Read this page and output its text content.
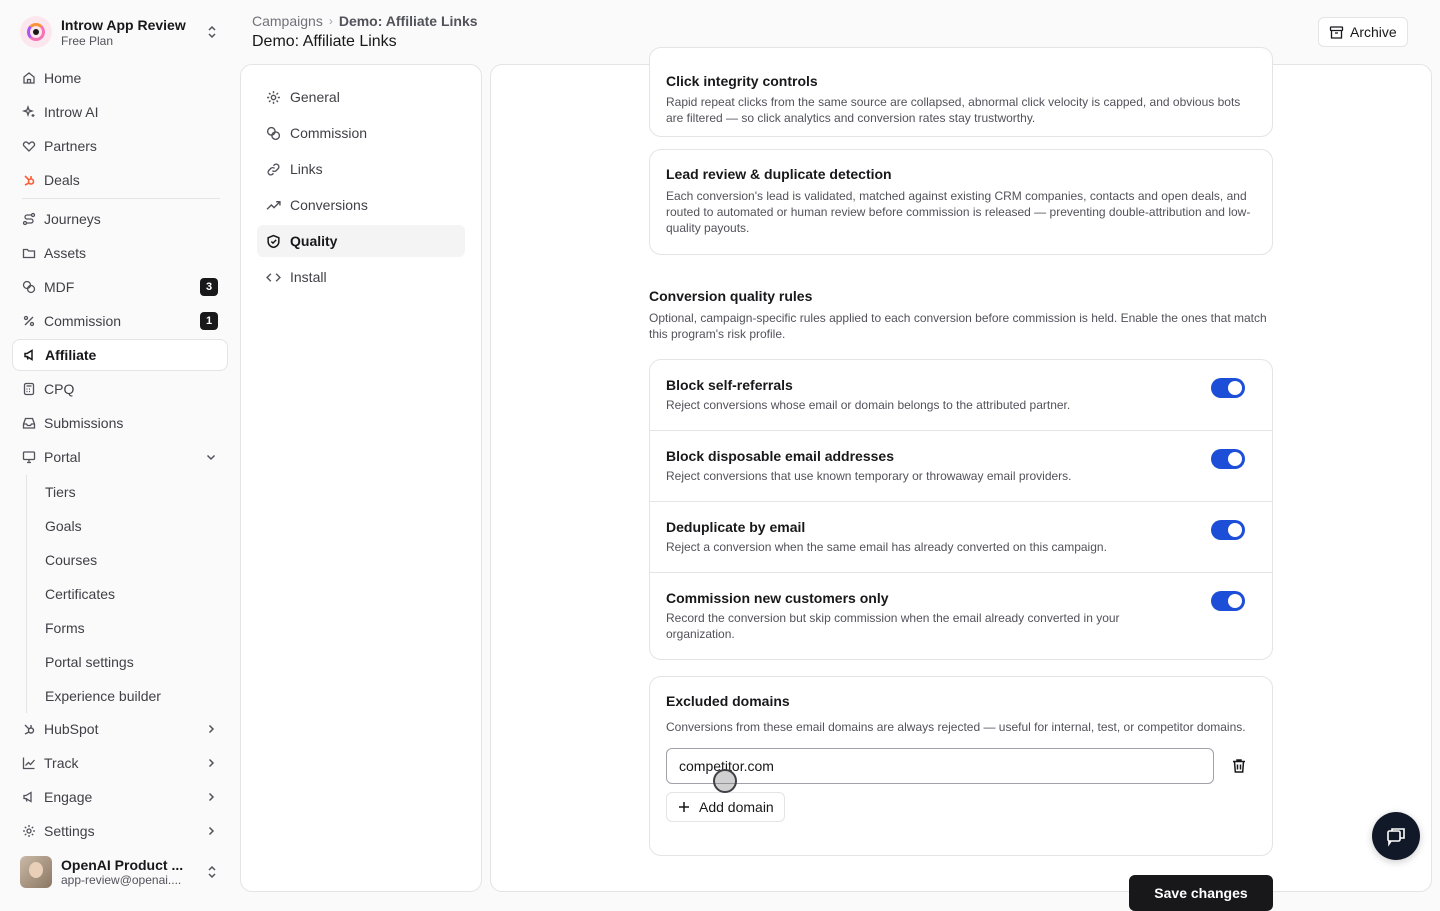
Introw App Review
Free Plan
Home
Introw AI
Partners
Deals
Journeys
Assets
MDF	3
Commission	1
Affiliate
CPQ
Submissions
Portal
Tiers
Goals
Courses
Certificates
Forms
Portal settings
Experience builder
HubSpot
Track
Engage
Settings
OpenAI Product ...
app-review@openai....
Campaigns › Demo: Affiliate Links
Demo: Affiliate Links
Archive
General
Commission
Links
Conversions
Quality
Install
Click integrity controls
Rapid repeat clicks from the same source are collapsed, abnormal click velocity is capped, and obvious bots are filtered — so click analytics and conversion rates stay trustworthy.
Lead review & duplicate detection
Each conversion's lead is validated, matched against existing CRM companies, contacts and open deals, and routed to automated or human review before commission is released — preventing double-attribution and low-quality payouts.
Conversion quality rules
Optional, campaign-specific rules applied to each conversion before commission is held. Enable the ones that match this program's risk profile.
Block self-referrals
Reject conversions whose email or domain belongs to the attributed partner.
Block disposable email addresses
Reject conversions that use known temporary or throwaway email providers.
Deduplicate by email
Reject a conversion when the same email has already converted on this campaign.
Commission new customers only
Record the conversion but skip commission when the email already converted in your organization.
Excluded domains
Conversions from these email domains are always rejected — useful for internal, test, or competitor domains.
competitor.com
Add domain
Save changes
